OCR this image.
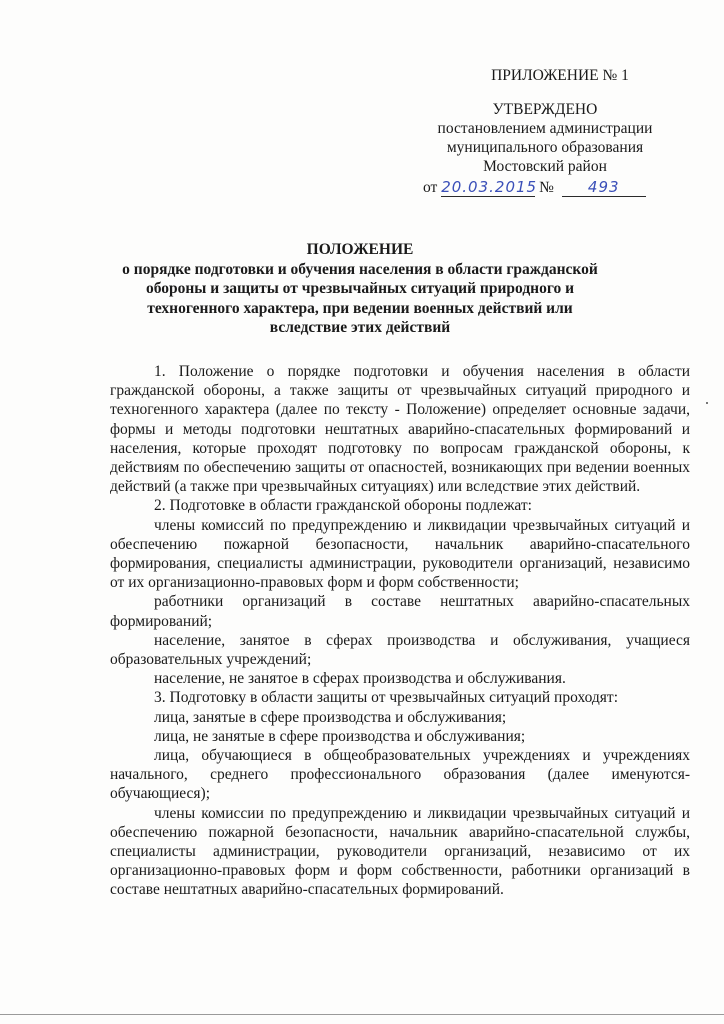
ПРИЛОЖЕНИЕ № 1
УТВЕРЖДЕНО
постановлением администрации
муниципального образования
Мостовский район
от 20.03.2015 № 493
ПОЛОЖЕНИЕ
о порядке подготовки и обучения населения в области гражданской обороны и защиты от чрезвычайных ситуаций природного и техногенного характера, при ведении военных действий или вследствие этих действий

1. Положение о порядке подготовки и обучения населения в области гражданской обороны, а также защиты от чрезвычайных ситуаций природного и техногенного характера (далее по тексту - Положение) определяет основные задачи, формы и методы подготовки нештатных аварийно-спасательных формирований и населения, которые проходят подготовку по вопросам гражданской обороны, к действиям по обеспечению защиты от опасностей, возникающих при ведении военных действий (а также при чрезвычайных ситуациях) или вследствие этих действий.

2. Подготовке в области гражданской обороны подлежат:

члены комиссий по предупреждению и ликвидации чрезвычайных ситуаций и обеспечению пожарной безопасности, начальник аварийно-спасательного формирования, специалисты администрации, руководители организаций, независимо от их организационно-правовых форм и форм собственности;

работники организаций в составе нештатных аварийно-спасательных формирований;

население, занятое в сферах производства и обслуживания, учащиеся образовательных учреждений;

население, не занятое в сферах производства и обслуживания.

3. Подготовку в области защиты от чрезвычайных ситуаций проходят:

лица, занятые в сфере производства и обслуживания;

лица, не занятые в сфере производства и обслуживания;

лица, обучающиеся в общеобразовательных учреждениях и учреждениях начального, среднего профессионального образования (далее именуются-обучающиеся);

члены комиссии по предупреждению и ликвидации чрезвычайных ситуаций и обеспечению пожарной безопасности, начальник аварийно-спасательной службы, специалисты администрации, руководители организаций, независимо от их организационно-правовых форм и форм собственности, работники организаций в составе нештатных аварийно-спасательных формирований.
